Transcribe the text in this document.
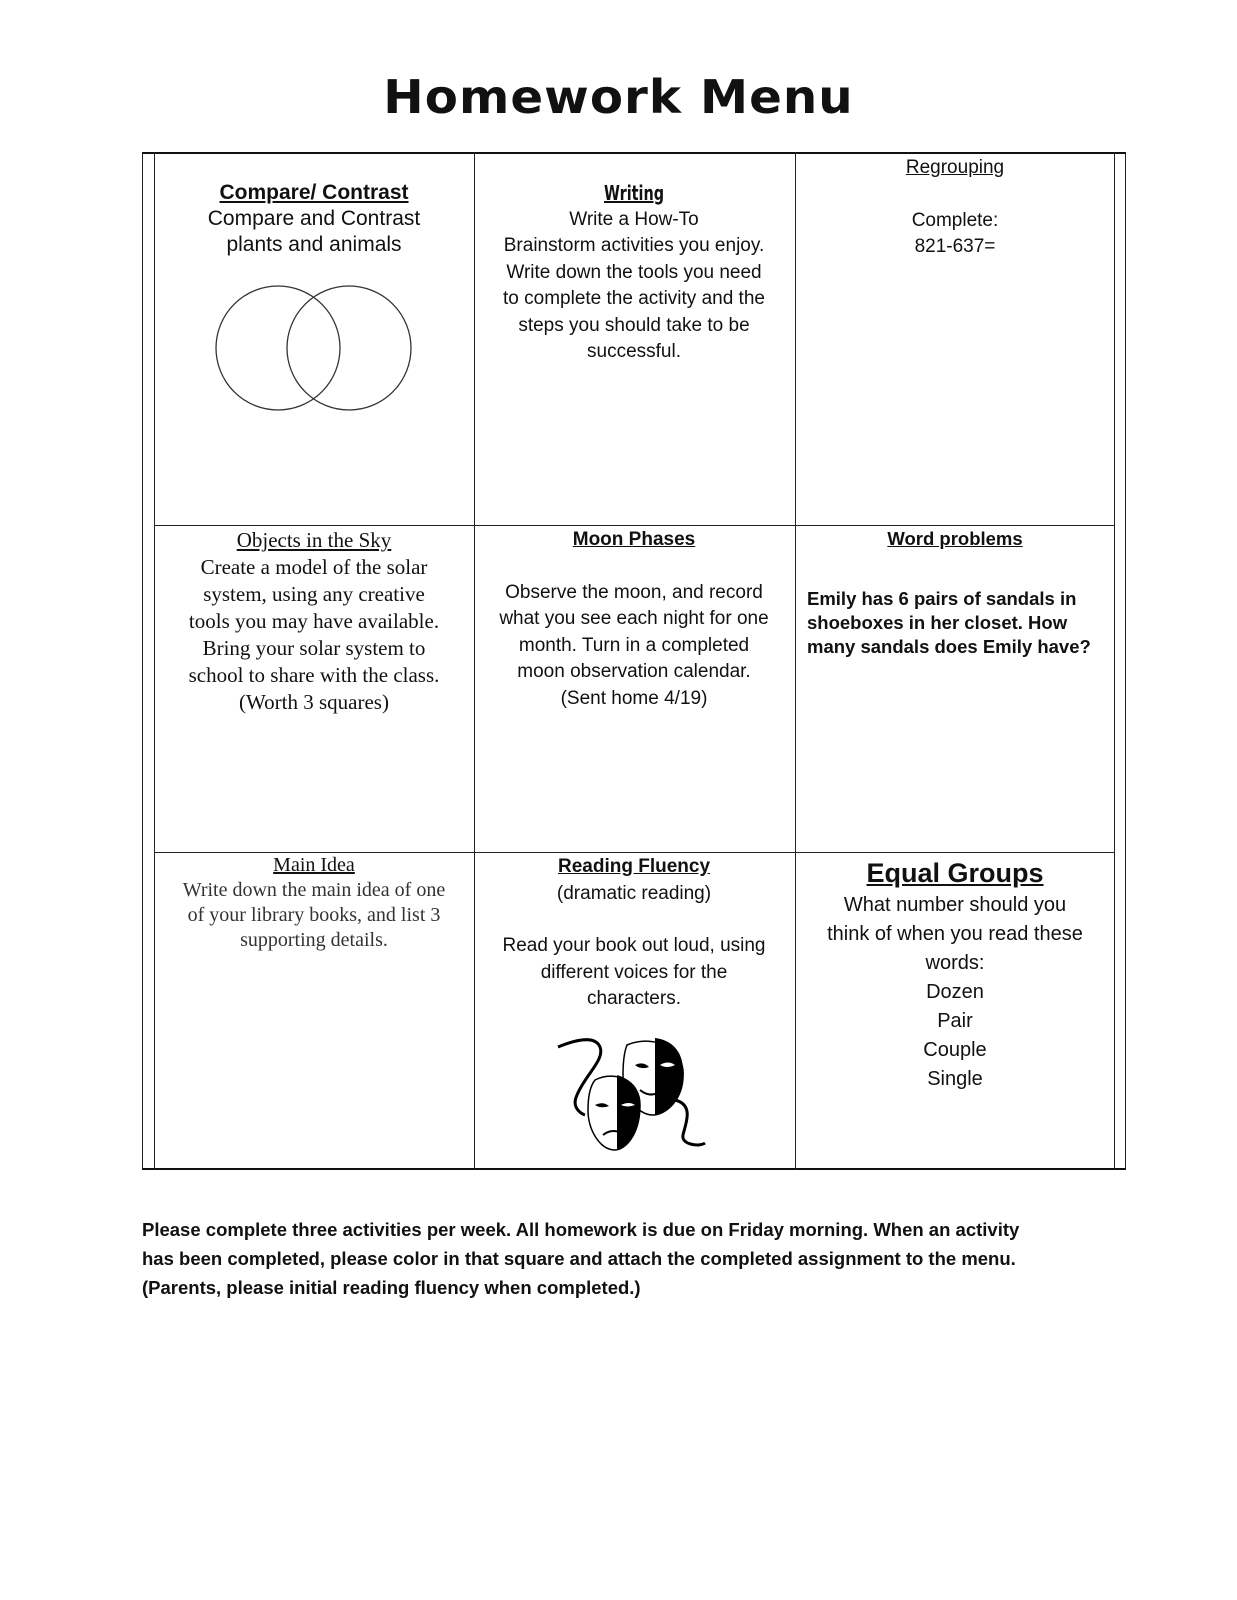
Homework Menu
Compare/ Contrast
Compare and Contrast
plants and animals
Writing
Write a How-To
Brainstorm activities you enjoy.
Write down the tools you need
to complete the activity and the
steps you should take to be
successful.
Regrouping
Complete:
821-637=
Objects in the Sky
Create a model of the solar
system, using any creative
tools you may have available.
Bring your solar system to
school to share with the class.
(Worth 3 squares)
Moon Phases
Observe the moon, and record
what you see each night for one
month. Turn in a completed
moon observation calendar.
(Sent home 4/19)
Word problems
Emily has 6 pairs of sandals in
shoeboxes in her closet. How
many sandals does Emily have?
Main Idea
Write down the main idea of one
of your library books, and list 3
supporting details.
Reading Fluency
(dramatic reading)
Read your book out loud, using
different voices for the
characters.
Equal Groups
What number should you
think of when you read these
words:
Dozen
Pair
Couple
Single
Please complete three activities per week. All homework is due on Friday morning. When an activity
has been completed, please color in that square and attach the completed assignment to the menu.
(Parents, please initial reading fluency when completed.)
